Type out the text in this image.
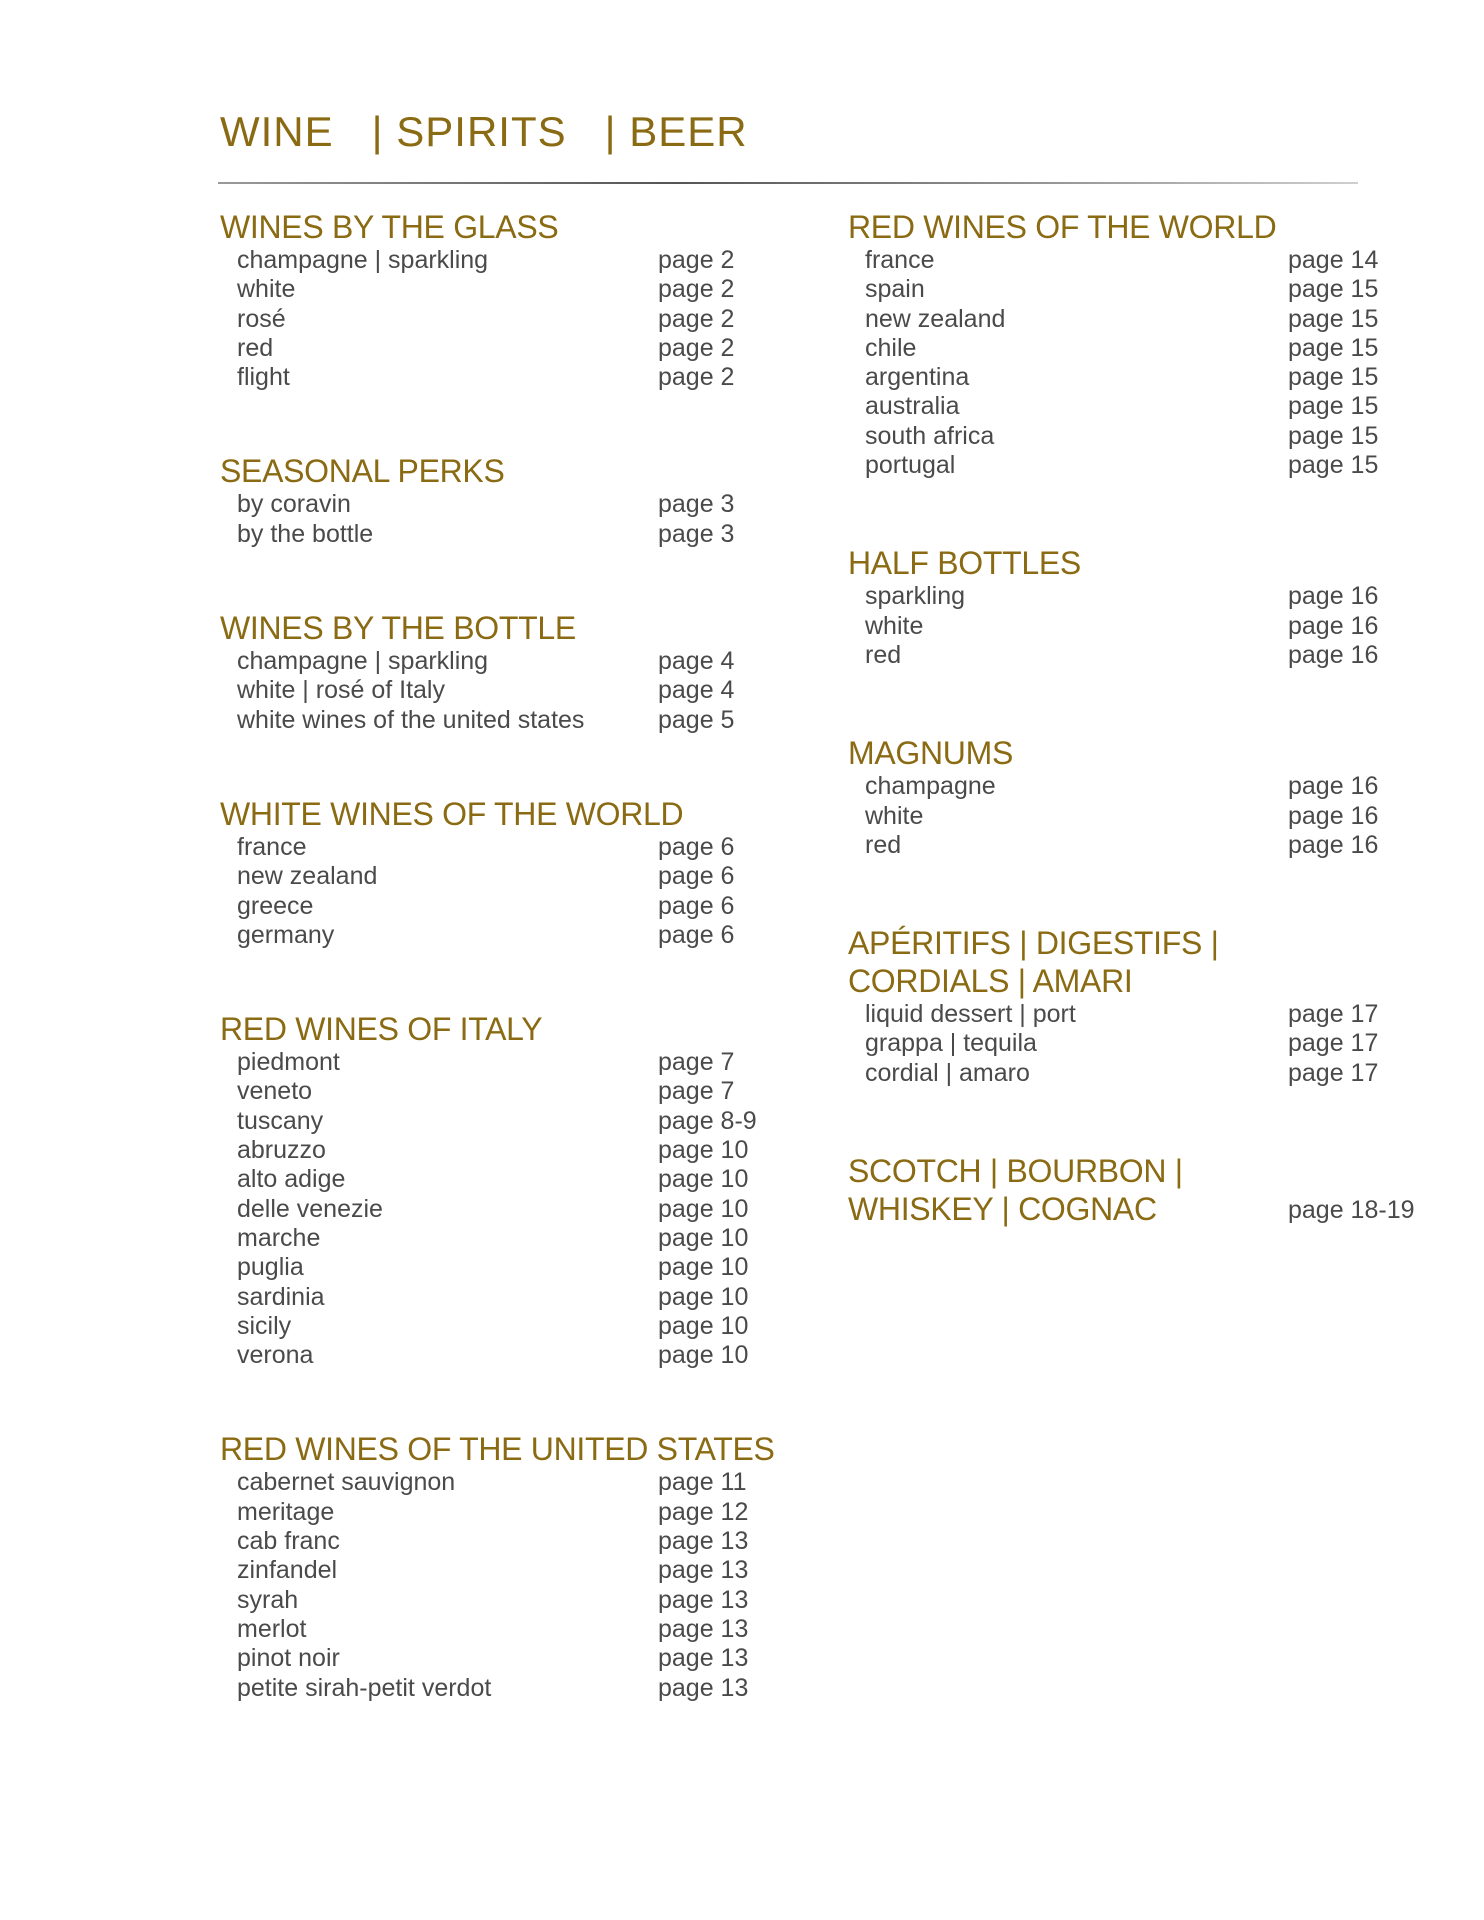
WINE   | SPIRITS   | BEER
WINES BY THE GLASS
champagne | sparkling	page 2
white	page 2
rosé	page 2
red	page 2
flight	page 2
SEASONAL PERKS
by coravin	page 3
by the bottle	page 3
WINES BY THE BOTTLE
champagne | sparkling	page 4
white | rosé of Italy	page 4
white wines of the united states	page 5
WHITE WINES OF THE WORLD
france	page 6
new zealand	page 6
greece	page 6
germany	page 6
RED WINES OF ITALY
piedmont	page 7
veneto	page 7
tuscany	page 8-9
abruzzo	page 10
alto adige	page 10
delle venezie	page 10
marche	page 10
puglia	page 10
sardinia	page 10
sicily	page 10
verona	page 10
RED WINES OF THE UNITED STATES
cabernet sauvignon	page 11
meritage	page 12
cab franc	page 13
zinfandel	page 13
syrah	page 13
merlot	page 13
pinot noir	page 13
petite sirah-petit verdot	page 13
RED WINES OF THE WORLD
france	page 14
spain	page 15
new zealand	page 15
chile	page 15
argentina	page 15
australia	page 15
south africa	page 15
portugal	page 15
HALF BOTTLES
sparkling	page 16
white	page 16
red	page 16
MAGNUMS
champagne	page 16
white	page 16
red	page 16
APÉRITIFS | DIGESTIFS |
CORDIALS | AMARI
liquid dessert | port	page 17
grappa | tequila	page 17
cordial | amaro	page 17
SCOTCH | BOURBON |
WHISKEY | COGNAC	page 18-19
